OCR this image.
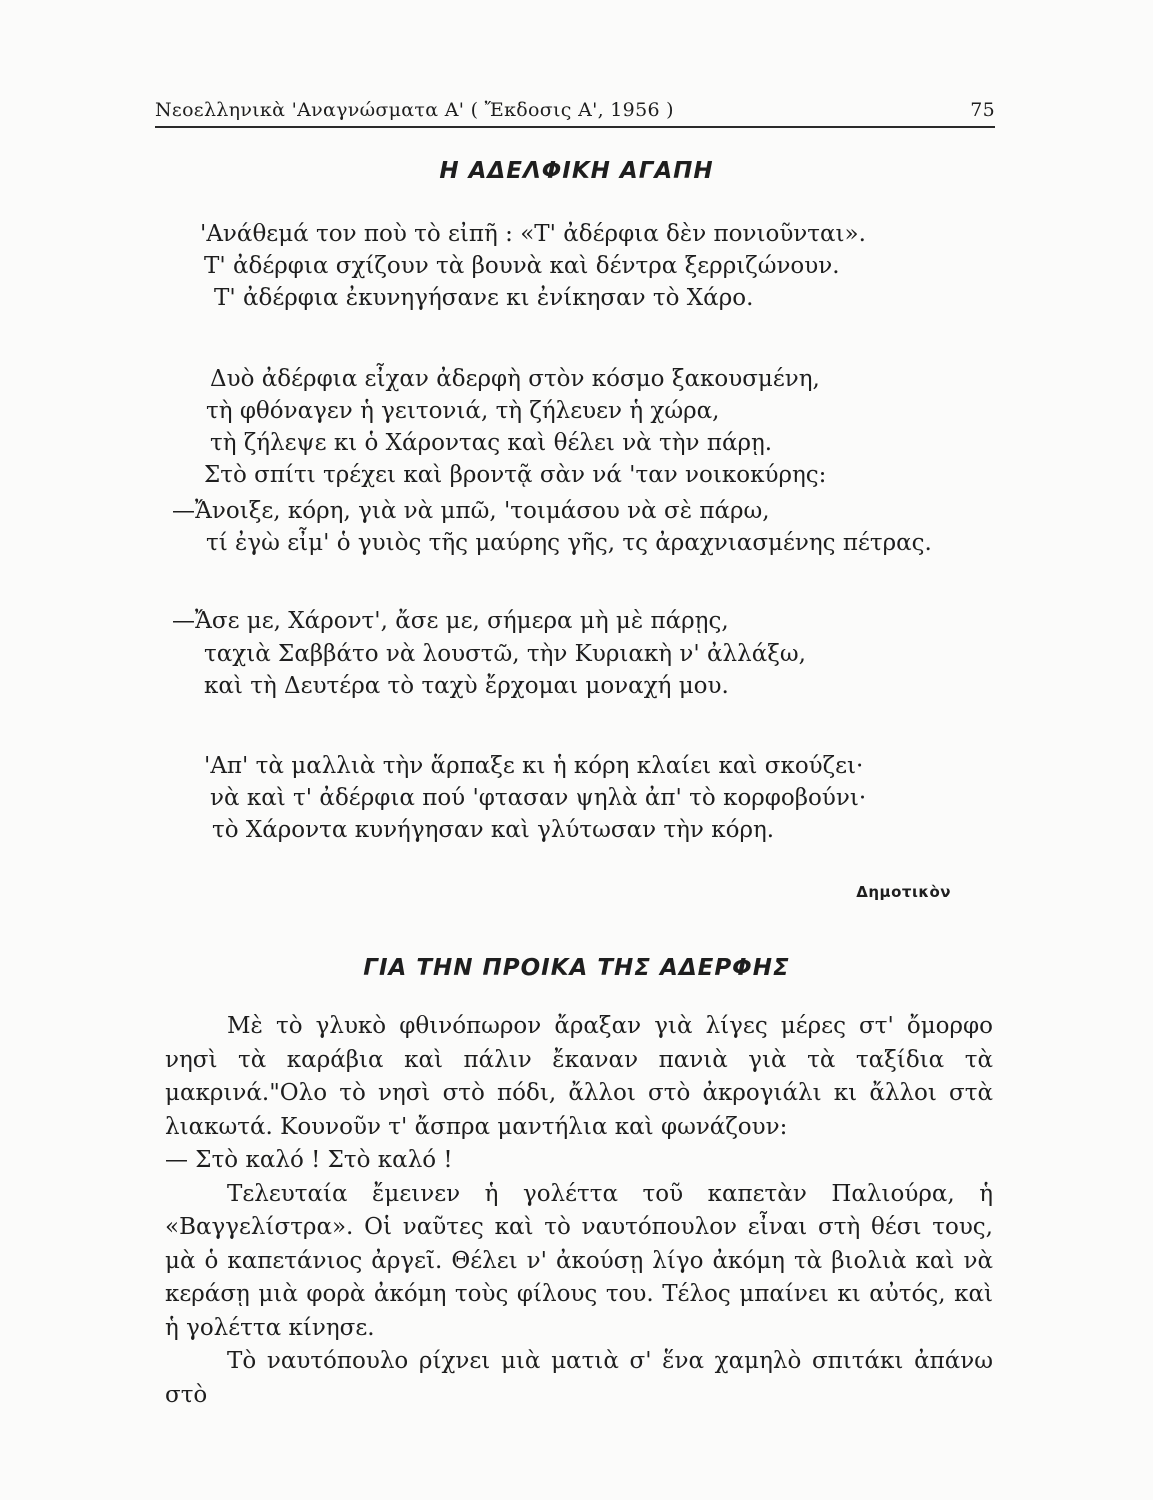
Νεοελληνικὰ 'Αναγνώσματα Α' ( Ἔκδοσις Α', 1956 )	75
Η ΑΔΕΛΦΙΚΗ ΑΓΑΠΗ
'Ανάθεμά τον ποὺ τὸ εἰπῆ : «Τ' ἀδέρφια δὲν πονιοῦνται».
Τ' ἀδέρφια σχίζουν τὰ βουνὰ καὶ δέντρα ξερριζώνουν.
Τ' ἀδέρφια ἐκυνηγήσανε κι ἐνίκησαν τὸ Χάρο.
Δυὸ ἀδέρφια εἶχαν ἀδερφὴ στὸν κόσμο ξακουσμένη,
τὴ φθόναγεν ἡ γειτονιά, τὴ ζήλευεν ἡ χώρα,
τὴ ζήλεψε κι ὁ Χάροντας καὶ θέλει νὰ τὴν πάρῃ.
Στὸ σπίτι τρέχει καὶ βροντᾷ σὰν νά 'ταν νοικοκύρης:
—Ἄνοιξε, κόρη, γιὰ νὰ μπῶ, 'τοιμάσου νὰ σὲ πάρω,
τί ἐγὼ εἶμ' ὁ γυιὸς τῆς μαύρης γῆς, τς ἀραχνιασμένης πέτρας.
—Ἄσε με, Χάροντ', ἄσε με, σήμερα μὴ μὲ πάρῃς,
ταχιὰ Σαββάτο νὰ λουστῶ, τὴν Κυριακὴ ν' ἀλλάξω,
καὶ τὴ Δευτέρα τὸ ταχὺ ἔρχομαι μοναχή μου.
'Απ' τὰ μαλλιὰ τὴν ἅρπαξε κι ἡ κόρη κλαίει καὶ σκούζει·
νὰ καὶ τ' ἀδέρφια πού 'φτασαν ψηλὰ ἀπ' τὸ κορφοβούνι·
τὸ Χάροντα κυνήγησαν καὶ γλύτωσαν τὴν κόρη.
Δημοτικὸν
ΓΙΑ ΤΗΝ ΠΡΟΙΚΑ ΤΗΣ ΑΔΕΡΦΗΣ

Μὲ τὸ γλυκὸ φθινόπωρον ἄραξαν γιὰ λίγες μέρες στ' ὄμορφο νησὶ τὰ καράβια καὶ πάλιν ἔκαναν πανιὰ γιὰ τὰ ταξίδια τὰ μακρινά."Ολο τὸ νησὶ στὸ πόδι, ἄλλοι στὸ ἀκρογιάλι κι ἄλλοι στὰ λιακωτά. Κουνοῦν τ' ἄσπρα μαντήλια καὶ φωνάζουν:

— Στὸ καλό ! Στὸ καλό !

Τελευταία ἔμεινεν ἡ γολέττα τοῦ καπετὰν Παλιούρα, ἡ «Βαγγελίστρα». Οἱ ναῦτες καὶ τὸ ναυτόπουλον εἶναι στὴ θέσι τους, μὰ ὁ καπετάνιος ἀργεῖ. Θέλει ν' ἀκούσῃ λίγο ἀκόμη τὰ βιολιὰ καὶ νὰ κεράσῃ μιὰ φορὰ ἀκόμη τοὺς φίλους του. Τέλος μπαίνει κι αὐτός, καὶ ἡ γολέττα κίνησε.

Τὸ ναυτόπουλο ρίχνει μιὰ ματιὰ σ' ἕνα χαμηλὸ σπιτάκι ἀπάνω στὸ
